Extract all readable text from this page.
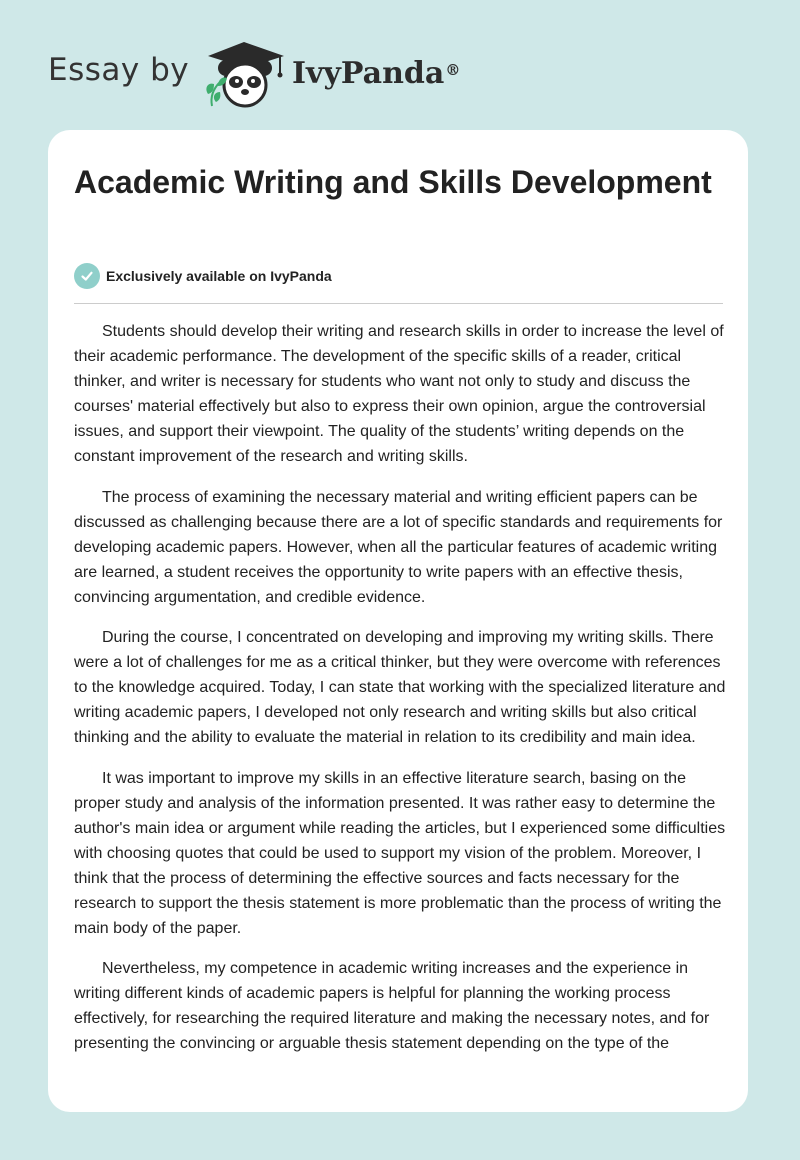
Essay by	IvyPanda®
Academic Writing and Skills Development
Exclusively available on IvyPanda

Students should develop their writing and research skills in order to increase the level of their academic performance. The development of the specific skills of a reader, critical thinker, and writer is necessary for students who want not only to study and discuss the courses' material effectively but also to express their own opinion, argue the controversial issues, and support their viewpoint. The quality of the students’ writing depends on the constant improvement of the research and writing skills.

The process of examining the necessary material and writing efficient papers can be discussed as challenging because there are a lot of specific standards and requirements for developing academic papers. However, when all the particular features of academic writing are learned, a student receives the opportunity to write papers with an effective thesis, convincing argumentation, and credible evidence.

During the course, I concentrated on developing and improving my writing skills. There were a lot of challenges for me as a critical thinker, but they were overcome with references to the knowledge acquired. Today, I can state that working with the specialized literature and writing academic papers, I developed not only research and writing skills but also critical thinking and the ability to evaluate the material in relation to its credibility and main idea.

It was important to improve my skills in an effective literature search, basing on the proper study and analysis of the information presented. It was rather easy to determine the author's main idea or argument while reading the articles, but I experienced some difficulties with choosing quotes that could be used to support my vision of the problem. Moreover, I think that the process of determining the effective sources and facts necessary for the research to support the thesis statement is more problematic than the process of writing the main body of the paper.

Nevertheless, my competence in academic writing increases and the experience in writing different kinds of academic papers is helpful for planning the working process effectively, for researching the required literature and making the necessary notes, and for presenting the convincing or arguable thesis statement depending on the type of the
